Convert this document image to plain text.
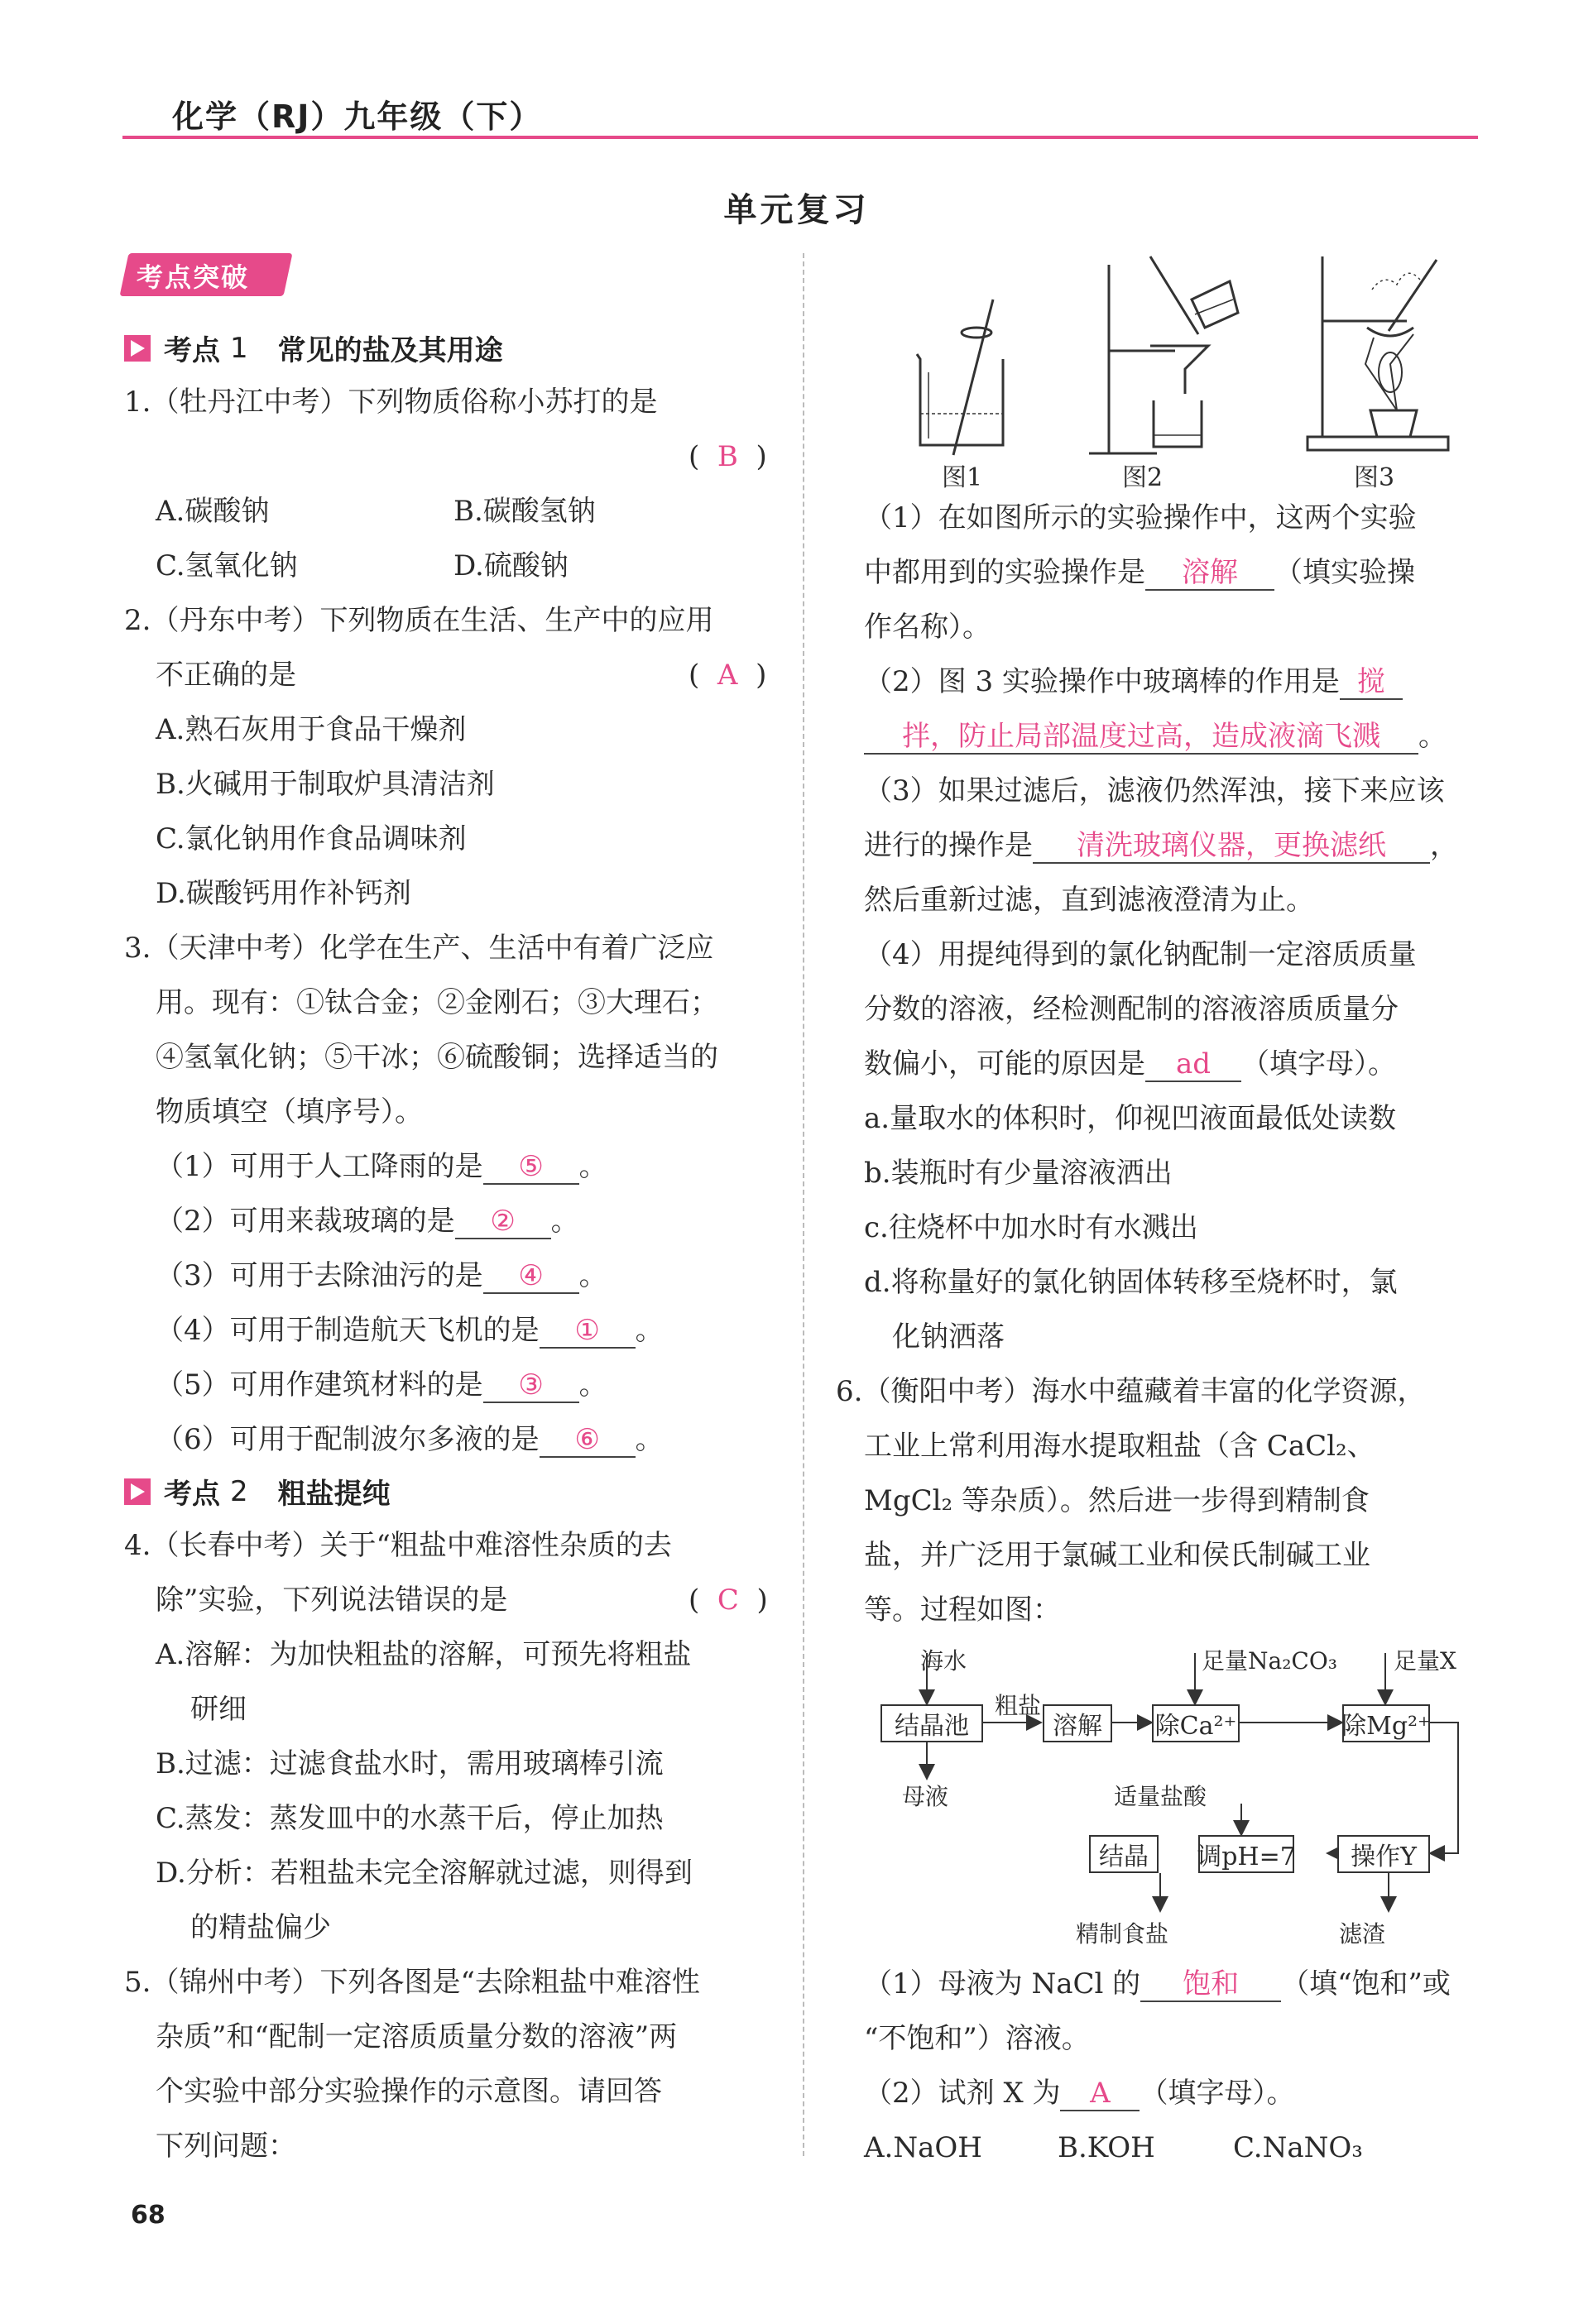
化学（RJ）九年级（下）
单元复习
考点突破
考点 1 常见的盐及其用途
1.（牡丹江中考）下列物质俗称小苏打的是
(  B  )
A.碳酸钠	B.碳酸氢钠
C.氢氧化钠	D.硫酸钠
2.（丹东中考）下列物质在生活、生产中的应用
不正确的是	(  A  )
A.熟石灰用于食品干燥剂
B.火碱用于制取炉具清洁剂
C.氯化钠用作食品调味剂
D.碳酸钙用作补钙剂
3.（天津中考）化学在生产、生活中有着广泛应
用。现有：①钛合金；②金刚石；③大理石；
④氢氧化钠；⑤干冰；⑥硫酸铜；选择适当的
物质填空（填序号）。
（1）可用于人工降雨的是 ⑤ 。
（2）可用来裁玻璃的是 ② 。
（3）可用于去除油污的是 ④ 。
（4）可用于制造航天飞机的是 ① 。
（5）可用作建筑材料的是 ③ 。
（6）可用于配制波尔多液的是 ⑥ 。
考点 2 粗盐提纯
4.（长春中考）关于“粗盐中难溶性杂质的去
除”实验，下列说法错误的是	(  C  )
A.溶解：为加快粗盐的溶解，可预先将粗盐
研细
B.过滤：过滤食盐水时，需用玻璃棒引流
C.蒸发：蒸发皿中的水蒸干后，停止加热
D.分析：若粗盐未完全溶解就过滤，则得到
的精盐偏少
5.（锦州中考）下列各图是“去除粗盐中难溶性
杂质”和“配制一定溶质质量分数的溶液”两
个实验中部分实验操作的示意图。请回答
下列问题：
68
图1	图2	图3
（1）在如图所示的实验操作中，这两个实验
中都用到的实验操作是 溶解 （填实验操
作名称）。
（2）图 3 实验操作中玻璃棒的作用是 搅
拌，防止局部温度过高，造成液滴飞溅 。
（3）如果过滤后，滤液仍然浑浊，接下来应该
进行的操作是 清洗玻璃仪器，更换滤纸 ，
然后重新过滤，直到滤液澄清为止。
（4）用提纯得到的氯化钠配制一定溶质质量
分数的溶液，经检测配制的溶液溶质质量分
数偏小，可能的原因是 ad （填字母）。
a.量取水的体积时，仰视凹液面最低处读数
b.装瓶时有少量溶液洒出
c.往烧杯中加水时有水溅出
d.将称量好的氯化钠固体转移至烧杯时，氯
化钠洒落
6.（衡阳中考）海水中蕴藏着丰富的化学资源，
工业上常利用海水提取粗盐（含 CaCl₂、
MgCl₂ 等杂质）。然后进一步得到精制食
盐，并广泛用于氯碱工业和侯氏制碱工业
等。过程如图：
海水
结晶池
粗盐
溶解
母液
足量Na₂CO₃
除Ca²⁺
足量X
除Mg²⁺
适量盐酸
结晶	调pH=7	操作Y
精制食盐	滤渣
（1）母液为 NaCl 的 饱和 （填“饱和”或
“不饱和”）溶液。
（2）试剂 X 为 A （填字母）。
A.NaOH	B.KOH	C.NaNO₃
